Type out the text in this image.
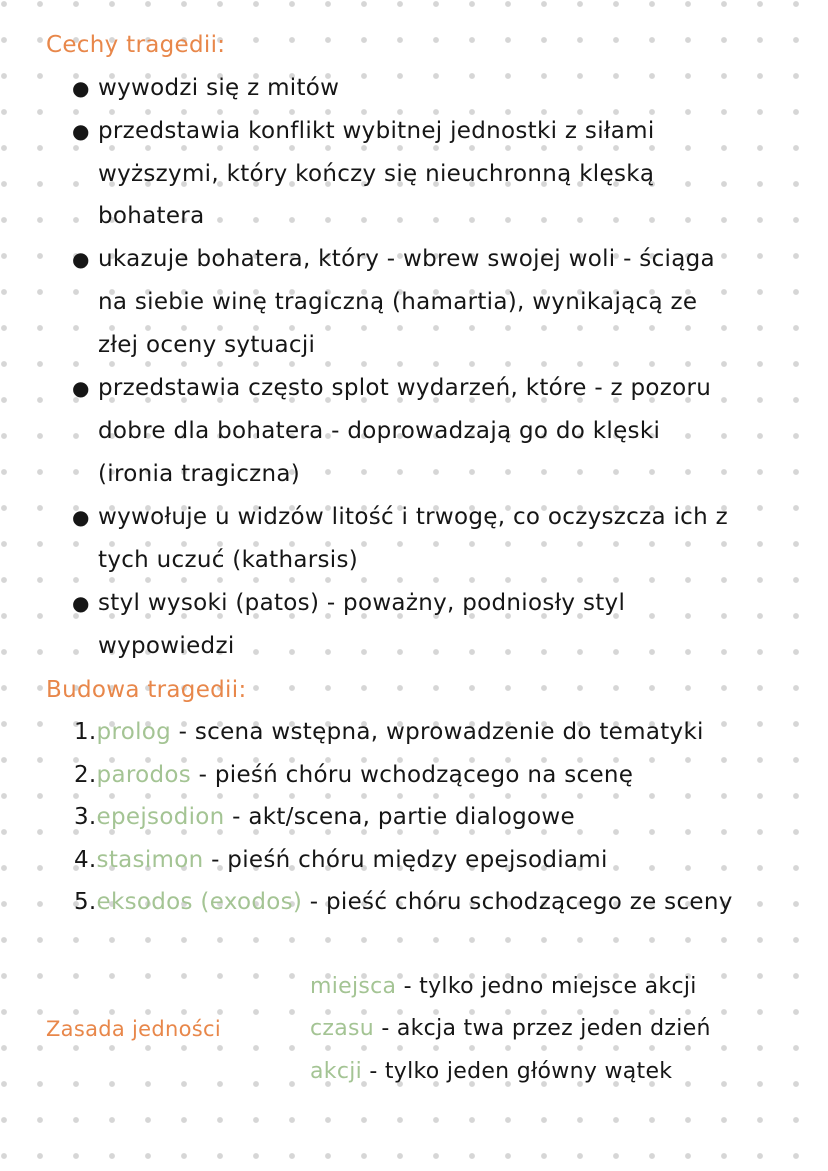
Cechy tragedii:
● wywodzi się z mitów
● przedstawia konflikt wybitnej jednostki z siłami
wyższymi, który kończy się nieuchronną klęską
bohatera
● ukazuje bohatera, który - wbrew swojej woli - ściąga
na siebie winę tragiczną (hamartia), wynikającą ze
złej oceny sytuacji
● przedstawia często splot wydarzeń, które - z pozoru
dobre dla bohatera - doprowadzają go do klęski
(ironia tragiczna)
● wywołuje u widzów litość i trwogę, co oczyszcza ich z
tych uczuć (katharsis)
● styl wysoki (patos) - poważny, podniosły styl
wypowiedzi
Budowa tragedii:
1.prolog - scena wstępna, wprowadzenie do tematyki
2.parodos - pieśń chóru wchodzącego na scenę
3.epejsodion - akt/scena, partie dialogowe
4.stasimon - pieśń chóru między epejsodiami
5.eksodos (exodos) - pieść chóru schodzącego ze sceny
Zasada jedności
miejsca - tylko jedno miejsce akcji
czasu - akcja twa przez jeden dzień
akcji - tylko jeden główny wątek
